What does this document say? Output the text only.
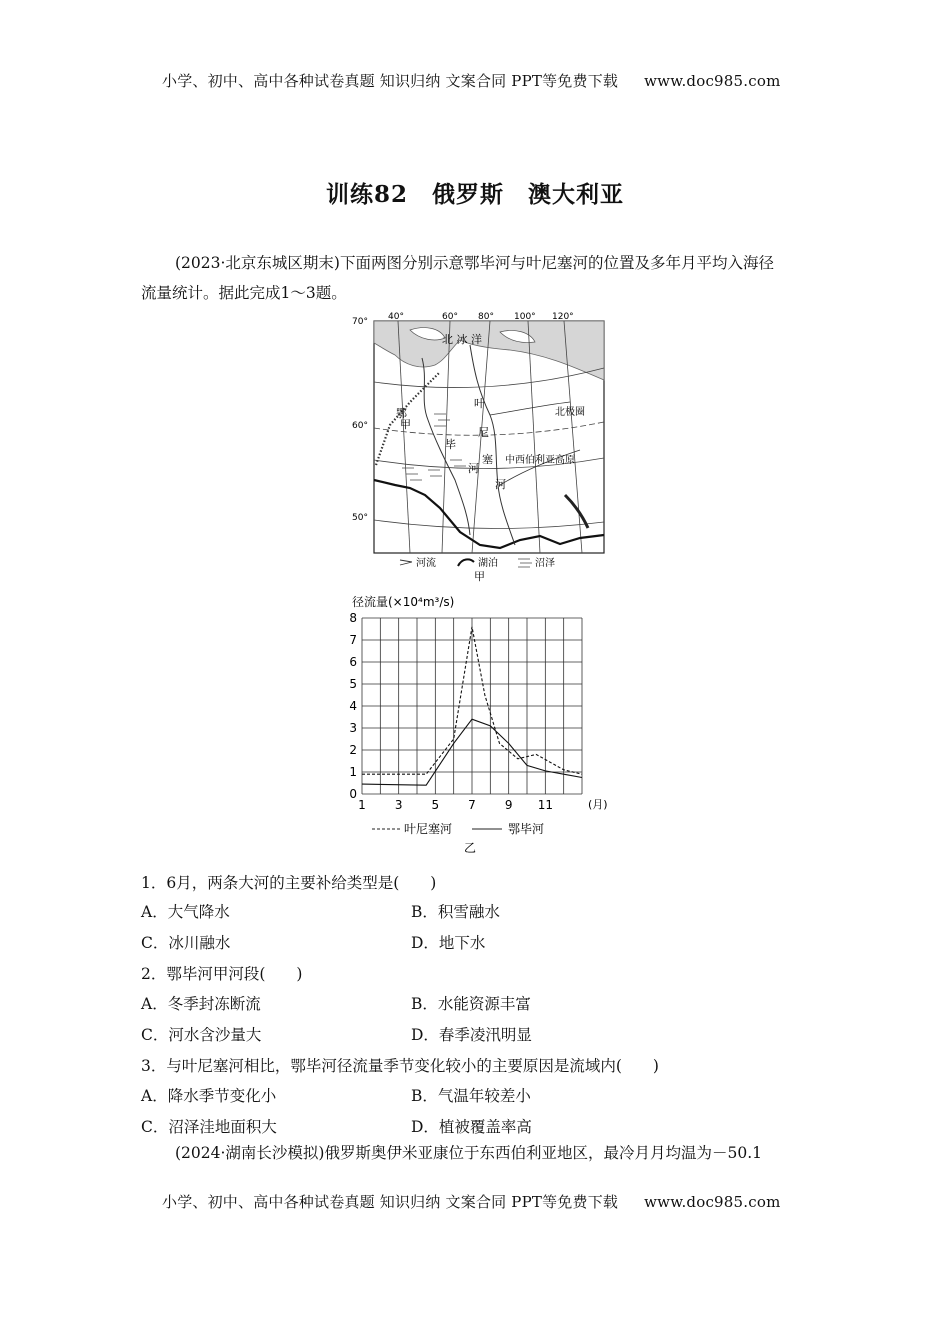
小学、初中、高中各种试卷真题 知识归纳 文案合同 PPT等免费下载 www.doc985.com
训练82　俄罗斯　澳大利亚
(2023·北京东城区期末)下面两图分别示意鄂毕河与叶尼塞河的位置及多年月平均入海径
流量统计。据此完成1～3题。
70°
60°
50°
40°	60° 80° 100° 120°
北 冰 洋
北极圈
中西伯利亚高原
鄂
甲
毕
河
叶
尼
塞
河
河流	湖泊	沼泽
甲
径流量(×10⁴m³/s)
0
1
2
3
4
5
6
7
8
1 3 5 7 9 11	(月)
叶尼塞河	鄂毕河
乙
1．6月，两条大河的主要补给类型是(　　)
A．大气降水	B．积雪融水
C．冰川融水	D．地下水
2．鄂毕河甲河段(　　)
A．冬季封冻断流	B．水能资源丰富
C．河水含沙量大	D．春季凌汛明显
3．与叶尼塞河相比，鄂毕河径流量季节变化较小的主要原因是流域内(　　)
A．降水季节变化小	B．气温年较差小
C．沼泽洼地面积大	D．植被覆盖率高
(2024·湖南长沙模拟)俄罗斯奥伊米亚康位于东西伯利亚地区，最冷月月均温为－50.1
小学、初中、高中各种试卷真题 知识归纳 文案合同 PPT等免费下载 www.doc985.com
